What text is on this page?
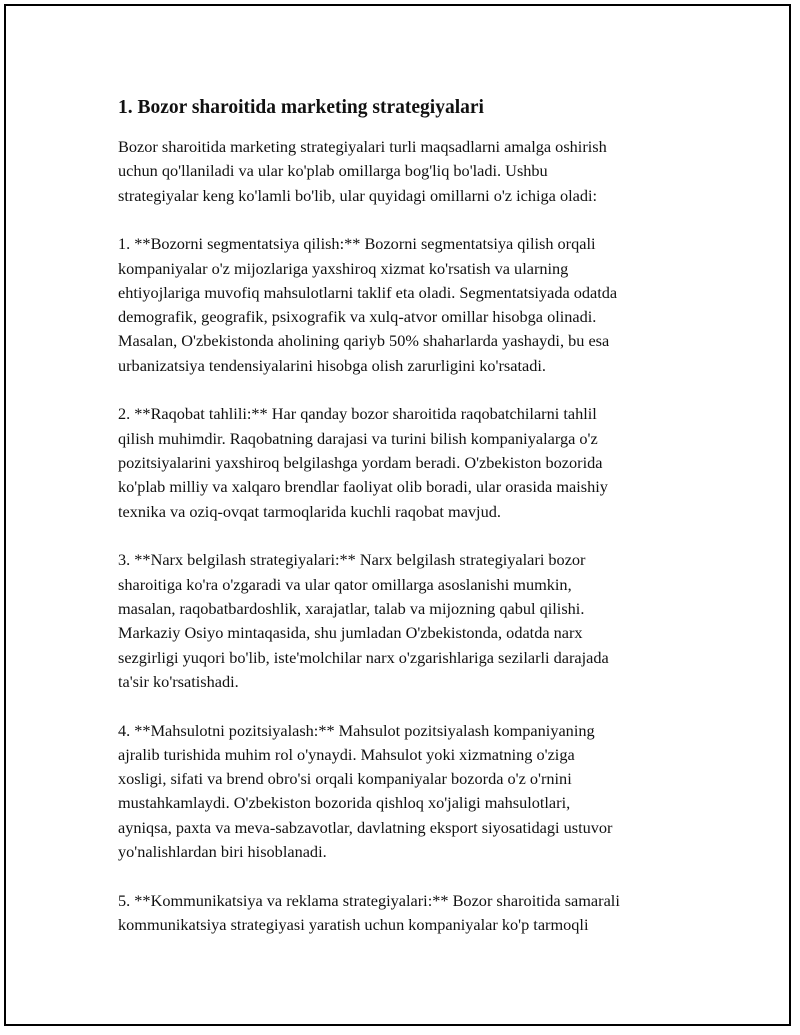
1. Bozor sharoitida marketing strategiyalari

Bozor sharoitida marketing strategiyalari turli maqsadlarni amalga oshirish
uchun qo'llaniladi va ular ko'plab omillarga bog'liq bo'ladi. Ushbu
strategiyalar keng ko'lamli bo'lib, ular quyidagi omillarni o'z ichiga oladi:

1. **Bozorni segmentatsiya qilish:** Bozorni segmentatsiya qilish orqali
kompaniyalar o'z mijozlariga yaxshiroq xizmat ko'rsatish va ularning
ehtiyojlariga muvofiq mahsulotlarni taklif eta oladi. Segmentatsiyada odatda
demografik, geografik, psixografik va xulq-atvor omillar hisobga olinadi.
Masalan, O'zbekistonda aholining qariyb 50% shaharlarda yashaydi, bu esa
urbanizatsiya tendensiyalarini hisobga olish zarurligini ko'rsatadi.

2. **Raqobat tahlili:** Har qanday bozor sharoitida raqobatchilarni tahlil
qilish muhimdir. Raqobatning darajasi va turini bilish kompaniyalarga o'z
pozitsiyalarini yaxshiroq belgilashga yordam beradi. O'zbekiston bozorida
ko'plab milliy va xalqaro brendlar faoliyat olib boradi, ular orasida maishiy
texnika va oziq-ovqat tarmoqlarida kuchli raqobat mavjud.

3. **Narx belgilash strategiyalari:** Narx belgilash strategiyalari bozor
sharoitiga ko'ra o'zgaradi va ular qator omillarga asoslanishi mumkin,
masalan, raqobatbardoshlik, xarajatlar, talab va mijozning qabul qilishi.
Markaziy Osiyo mintaqasida, shu jumladan O'zbekistonda, odatda narx
sezgirligi yuqori bo'lib, iste'molchilar narx o'zgarishlariga sezilarli darajada
ta'sir ko'rsatishadi.

4. **Mahsulotni pozitsiyalash:** Mahsulot pozitsiyalash kompaniyaning
ajralib turishida muhim rol o'ynaydi. Mahsulot yoki xizmatning o'ziga
xosligi, sifati va brend obro'si orqali kompaniyalar bozorda o'z o'rnini
mustahkamlaydi. O'zbekiston bozorida qishloq xo'jaligi mahsulotlari,
ayniqsa, paxta va meva-sabzavotlar, davlatning eksport siyosatidagi ustuvor
yo'nalishlardan biri hisoblanadi.

5. **Kommunikatsiya va reklama strategiyalari:** Bozor sharoitida samarali
kommunikatsiya strategiyasi yaratish uchun kompaniyalar ko'p tarmoqli
